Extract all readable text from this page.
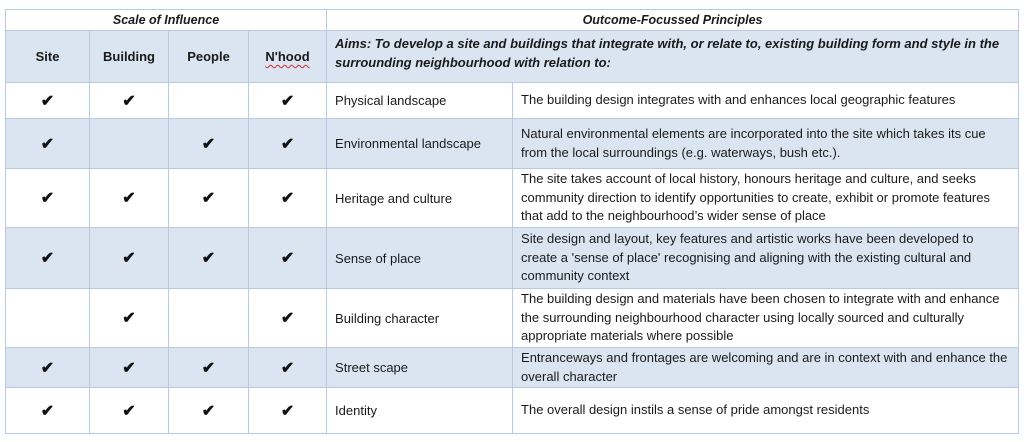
Scale of Influence				Outcome-Focussed Principles	
Site	Building	People	N'hood	Aims: To develop a site and buildings that integrate with, or relate to, existing building form and style in the surrounding neighbourhood with relation to:	
✔	✔		✔	Physical landscape	The building design integrates with and enhances local geographic features
✔		✔	✔	Environmental landscape	Natural environmental elements are incorporated into the site which takes its cue from the local surroundings (e.g. waterways, bush etc.).
✔	✔	✔	✔	Heritage and culture	The site takes account of local history, honours heritage and culture, and seeks community direction to identify opportunities to create, exhibit or promote features that add to the neighbourhood’s wider sense of place
✔	✔	✔	✔	Sense of place	Site design and layout, key features and artistic works have been developed to create a 'sense of place' recognising and aligning with the existing cultural and community context
	✔		✔	Building character	The building design and materials have been chosen to integrate with and enhance the surrounding neighbourhood character using locally sourced and culturally appropriate materials where possible
✔	✔	✔	✔	Street scape	Entranceways and frontages are welcoming and are in context with and enhance the overall character
✔	✔	✔	✔	Identity	The overall design instils a sense of pride amongst residents
